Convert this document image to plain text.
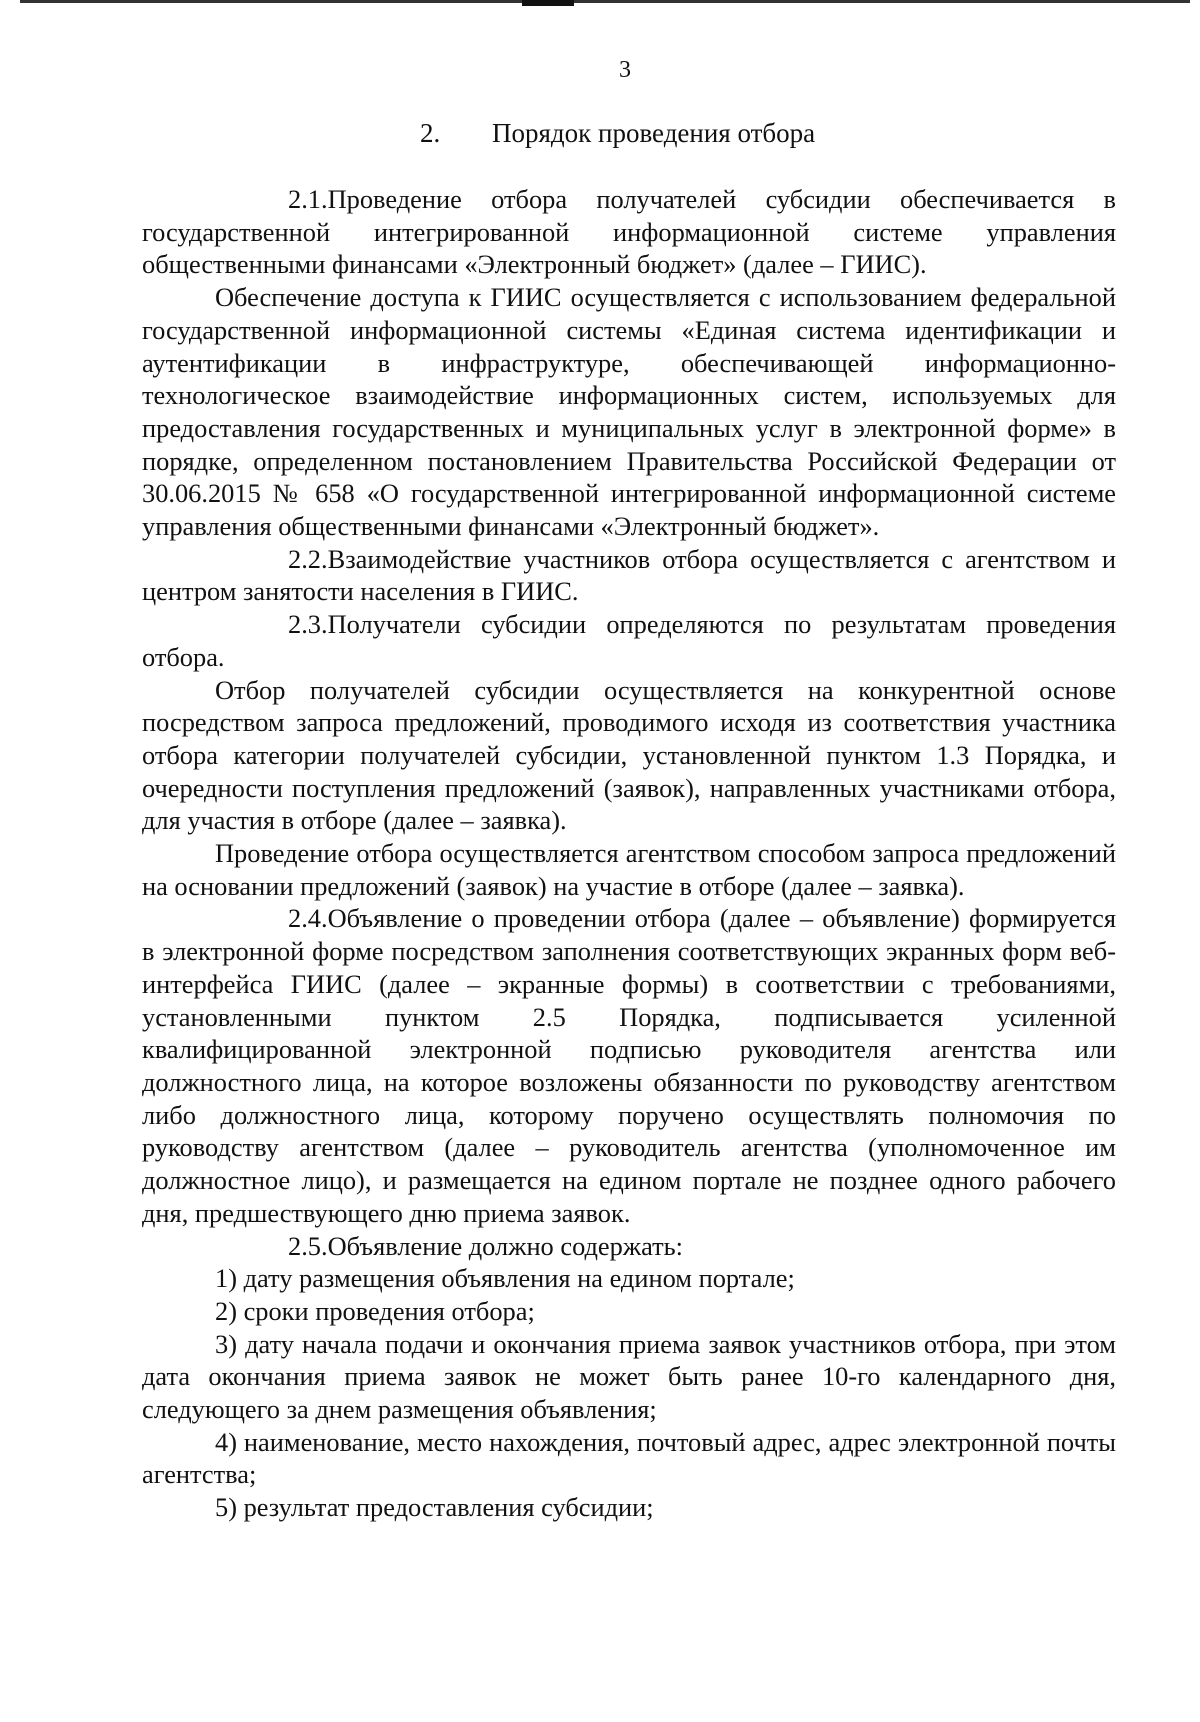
3
2. Порядок проведения отбора

2.1.Проведение отбора получателей субсидии обеспечивается в государственной интегрированной информационной системе управления общественными финансами «Электронный бюджет» (далее – ГИИС).

Обеспечение доступа к ГИИС осуществляется с использованием федеральной государственной информационной системы «Единая система идентификации и аутентификации в инфраструктуре, обеспечивающей информационно-технологическое взаимодействие информационных систем, используемых для предоставления государственных и муниципальных услуг в электронной форме» в порядке, определенном постановлением Правительства Российской Федерации от 30.06.2015 № 658 «О государственной интегрированной информационной системе управления общественными финансами «Электронный бюджет».

2.2.Взаимодействие участников отбора осуществляется с агентством и центром занятости населения в ГИИС.

2.3.Получатели субсидии определяются по результатам проведения отбора.

Отбор получателей субсидии осуществляется на конкурентной основе посредством запроса предложений, проводимого исходя из соответствия участника отбора категории получателей субсидии, установленной пунктом 1.3 Порядка, и очередности поступления предложений (заявок), направленных участниками отбора, для участия в отборе (далее – заявка).

Проведение отбора осуществляется агентством способом запроса предложений на основании предложений (заявок) на участие в отборе (далее – заявка).

2.4.Объявление о проведении отбора (далее – объявление) формируется в электронной форме посредством заполнения соответствующих экранных форм веб-интерфейса ГИИС (далее – экранные формы) в соответствии с требованиями, установленными пунктом 2.5 Порядка, подписывается усиленной квалифицированной электронной подписью руководителя агентства или должностного лица, на которое возложены обязанности по руководству агентством либо должностного лица, которому поручено осуществлять полномочия по руководству агентством (далее – руководитель агентства (уполномоченное им должностное лицо), и размещается на едином портале не позднее одного рабочего дня, предшествующего дню приема заявок.

2.5.Объявление должно содержать:

1) дату размещения объявления на едином портале;

2) сроки проведения отбора;

3) дату начала подачи и окончания приема заявок участников отбора, при этом дата окончания приема заявок не может быть ранее 10-го календарного дня, следующего за днем размещения объявления;

4) наименование, место нахождения, почтовый адрес, адрес электронной почты агентства;

5) результат предоставления субсидии;
